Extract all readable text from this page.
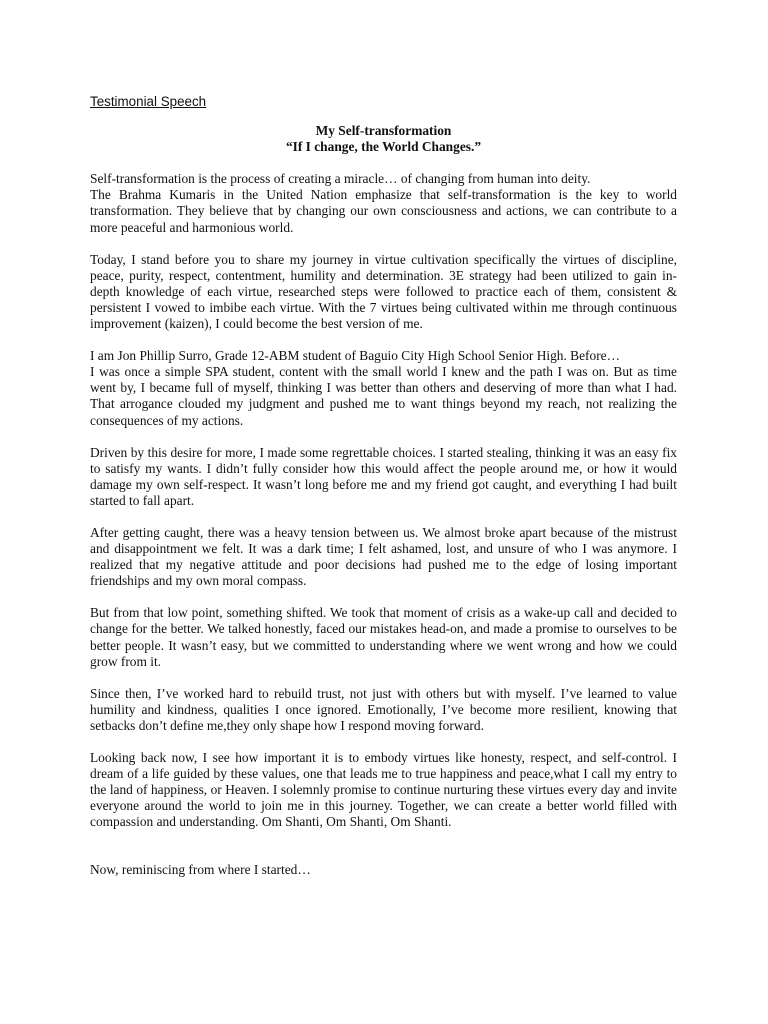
Testimonial Speech
My Self-transformation
“If I change, the World Changes.”

Self-transformation is the process of creating a miracle… of changing from human into deity.
The Brahma Kumaris in the United Nation emphasize that self-transformation is the key to world transformation. They believe that by changing our own consciousness and actions, we can contribute to a more peaceful and harmonious world.

Today, I stand before you to share my journey in virtue cultivation specifically the virtues of discipline, peace, purity, respect, contentment, humility and determination. 3E strategy had been utilized to gain in-depth knowledge of each virtue, researched steps were followed to practice each of them, consistent & persistent I vowed to imbibe each virtue. With the 7 virtues being cultivated within me through continuous improvement (kaizen), I could become the best version of me.

I am Jon Phillip Surro, Grade 12-ABM student of Baguio City High School Senior High. Before…
I was once a simple SPA student, content with the small world I knew and the path I was on. But as time went by, I became full of myself, thinking I was better than others and deserving of more than what I had. That arrogance clouded my judgment and pushed me to want things beyond my reach, not realizing the consequences of my actions.

Driven by this desire for more, I made some regrettable choices. I started stealing, thinking it was an easy fix to satisfy my wants. I didn’t fully consider how this would affect the people around me, or how it would damage my own self-respect. It wasn’t long before me and my friend got caught, and everything I had built started to fall apart.

After getting caught, there was a heavy tension between us. We almost broke apart because of the mistrust and disappointment we felt. It was a dark time; I felt ashamed, lost, and unsure of who I was anymore. I realized that my negative attitude and poor decisions had pushed me to the edge of losing important friendships and my own moral compass.

But from that low point, something shifted. We took that moment of crisis as a wake-up call and decided to change for the better. We talked honestly, faced our mistakes head-on, and made a promise to ourselves to be better people. It wasn’t easy, but we committed to understanding where we went wrong and how we could grow from it.

Since then, I’ve worked hard to rebuild trust, not just with others but with myself. I’ve learned to value humility and kindness, qualities I once ignored. Emotionally, I’ve become more resilient, knowing that setbacks don’t define me,they only shape how I respond moving forward.

Looking back now, I see how important it is to embody virtues like honesty, respect, and self-control. I dream of a life guided by these values, one that leads me to true happiness and peace,what I call my entry to the land of happiness, or Heaven. I solemnly promise to continue nurturing these virtues every day and invite everyone around the world to join me in this journey. Together, we can create a better world filled with compassion and understanding. Om Shanti, Om Shanti, Om Shanti.

Now, reminiscing from where I started…
